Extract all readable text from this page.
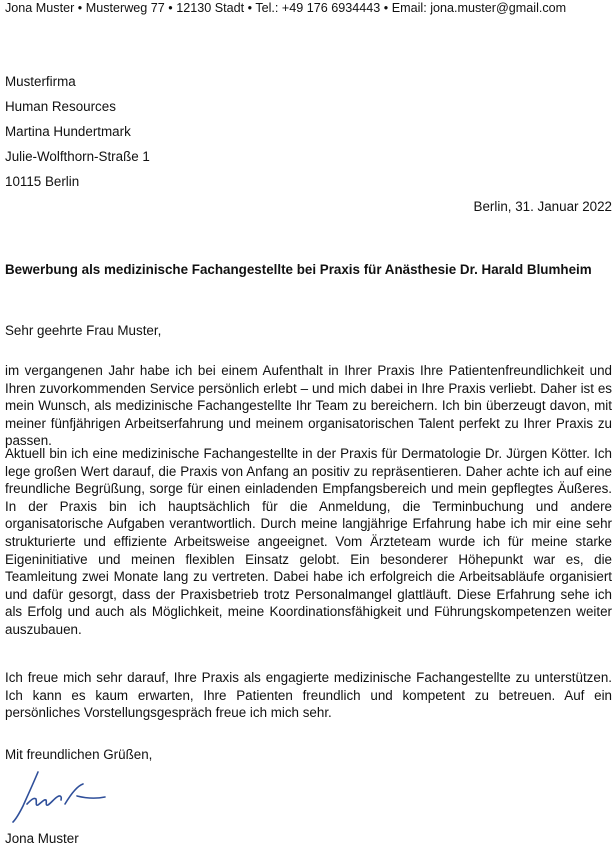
Jona Muster • Musterweg 77 • 12130 Stadt • Tel.: +49 176 6934443 • Email: jona.muster@gmail.com
Musterfirma
Human Resources
Martina Hundertmark
Julie-Wolfthorn-Straße 1
10115 Berlin
Berlin, 31. Januar 2022
Bewerbung als medizinische Fachangestellte bei Praxis für Anästhesie Dr. Harald Blumheim
Sehr geehrte Frau Muster,

im vergangenen Jahr habe ich bei einem Aufenthalt in Ihrer Praxis Ihre Patientenfreundlichkeit und Ihren zuvorkommenden Service persönlich erlebt – und mich dabei in Ihre Praxis verliebt. Daher ist es mein Wunsch, als medizinische Fachangestellte Ihr Team zu bereichern. Ich bin überzeugt davon, mit meiner fünfjährigen Arbeitserfahrung und meinem organisatorischen Talent perfekt zu Ihrer Praxis zu passen.

Aktuell bin ich eine medizinische Fachangestellte in der Praxis für Dermatologie Dr. Jürgen Kötter. Ich lege großen Wert darauf, die Praxis von Anfang an positiv zu repräsentieren. Daher achte ich auf eine freundliche Begrüßung, sorge für einen einladenden Empfangsbereich und mein gepflegtes Äußeres. In der Praxis bin ich hauptsächlich für die Anmeldung, die Terminbuchung und andere organisatorische Aufgaben verantwortlich. Durch meine langjährige Erfahrung habe ich mir eine sehr strukturierte und effiziente Arbeitsweise angeeignet. Vom Ärzteteam wurde ich für meine starke Eigeninitiative und meinen flexiblen Einsatz gelobt. Ein besonderer Höhepunkt war es, die Teamleitung zwei Monate lang zu vertreten. Dabei habe ich erfolgreich die Arbeitsabläufe organisiert und dafür gesorgt, dass der Praxisbetrieb trotz Personalmangel glattläuft. Diese Erfahrung sehe ich als Erfolg und auch als Möglichkeit, meine Koordinationsfähigkeit und Führungskompetenzen weiter auszubauen.

Ich freue mich sehr darauf, Ihre Praxis als engagierte medizinische Fachangestellte zu unterstützen. Ich kann es kaum erwarten, Ihre Patienten freundlich und kompetent zu betreuen. Auf ein persönliches Vorstellungsgespräch freue ich mich sehr.

Mit freundlichen Grüßen,
Jona Muster
